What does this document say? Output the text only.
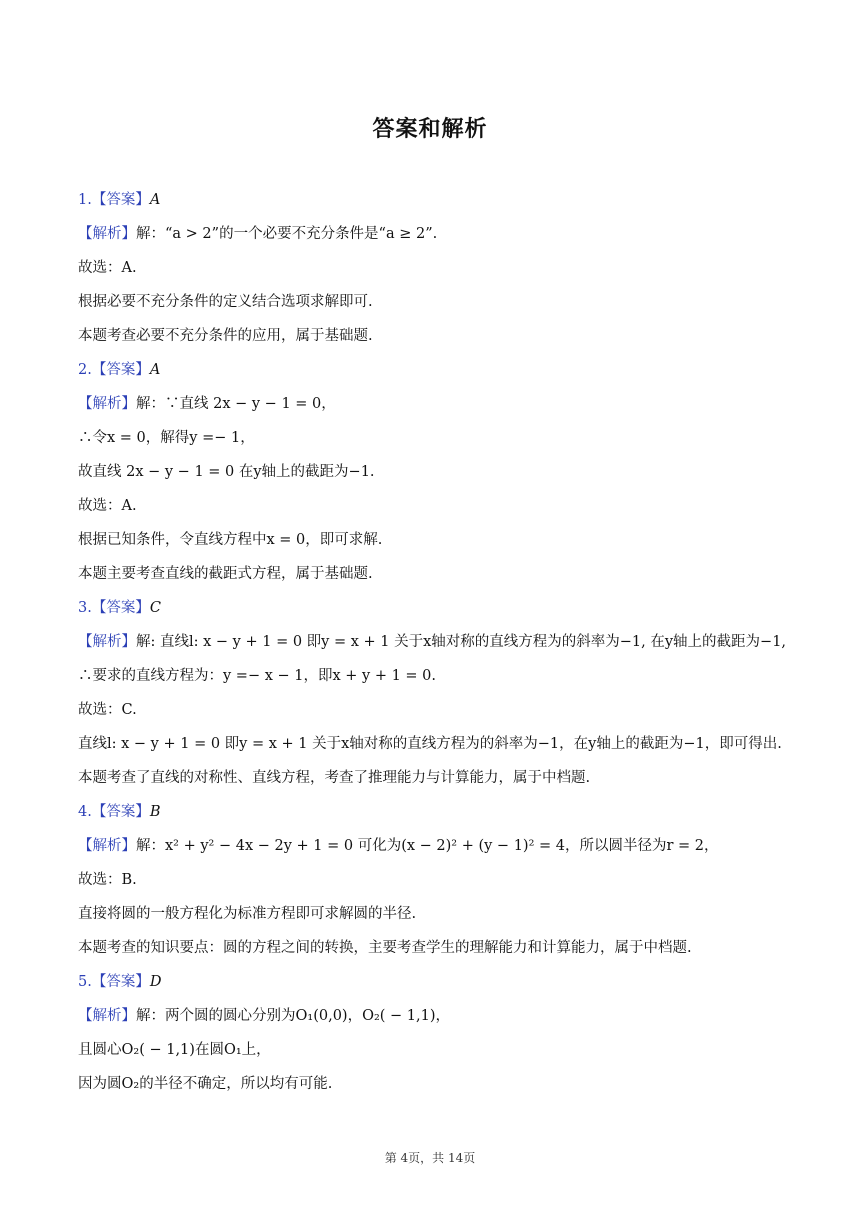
答案和解析
1.【答案】A
【解析】解：“a > 2”的一个必要不充分条件是“a ≥ 2”.
故选：A.
根据必要不充分条件的定义结合选项求解即可.
本题考查必要不充分条件的应用，属于基础题.
2.【答案】A
【解析】解：∵直线 2x − y − 1 = 0，
∴令x = 0，解得y =− 1，
故直线 2x − y − 1 = 0 在y轴上的截距为−1.
故选：A.
根据已知条件，令直线方程中x = 0，即可求解.
本题主要考查直线的截距式方程，属于基础题.
3.【答案】C
【解析】解: 直线l: x − y + 1 = 0 即y = x + 1 关于x轴对称的直线方程为的斜率为−1, 在y轴上的截距为−1,
∴要求的直线方程为：y =− x − 1，即x + y + 1 = 0.
故选：C.
直线l: x − y + 1 = 0 即y = x + 1 关于x轴对称的直线方程为的斜率为−1，在y轴上的截距为−1，即可得出.
本题考查了直线的对称性、直线方程，考查了推理能力与计算能力，属于中档题.
4.【答案】B
【解析】解：x² + y² − 4x − 2y + 1 = 0 可化为(x − 2)² + (y − 1)² = 4，所以圆半径为r = 2，
故选：B.
直接将圆的一般方程化为标准方程即可求解圆的半径.
本题考查的知识要点：圆的方程之间的转换，主要考查学生的理解能力和计算能力，属于中档题.
5.【答案】D
【解析】解：两个圆的圆心分别为O₁(0,0)，O₂( − 1,1)，
且圆心O₂( − 1,1)在圆O₁上，
因为圆O₂的半径不确定，所以均有可能.
第 4页，共 14页
